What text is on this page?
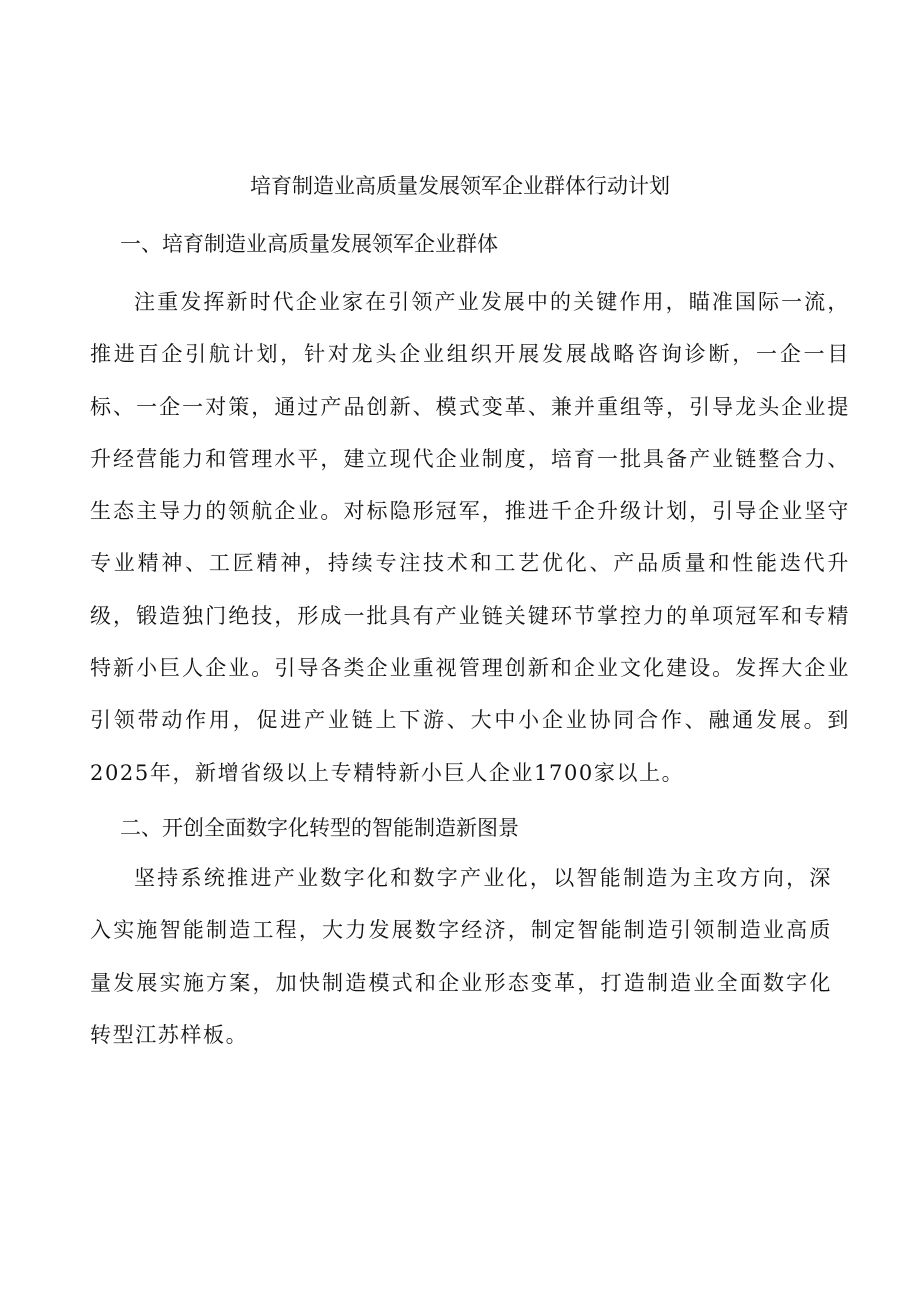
培育制造业高质量发展领军企业群体行动计划
一、培育制造业高质量发展领军企业群体

注重发挥新时代企业家在引领产业发展中的关键作用，瞄准国际一流，推进百企引航计划，针对龙头企业组织开展发展战略咨询诊断，一企一目标、一企一对策，通过产品创新、模式变革、兼并重组等，引导龙头企业提升经营能力和管理水平，建立现代企业制度，培育一批具备产业链整合力、生态主导力的领航企业。对标隐形冠军，推进千企升级计划，引导企业坚守专业精神、工匠精神，持续专注技术和工艺优化、产品质量和性能迭代升级，锻造独门绝技，形成一批具有产业链关键环节掌控力的单项冠军和专精特新小巨人企业。引导各类企业重视管理创新和企业文化建设。发挥大企业引领带动作用，促进产业链上下游、大中小企业协同合作、融通发展。到2025年，新增省级以上专精特新小巨人企业1700家以上。

二、开创全面数字化转型的智能制造新图景

坚持系统推进产业数字化和数字产业化，以智能制造为主攻方向，深入实施智能制造工程，大力发展数字经济，制定智能制造引领制造业高质量发展实施方案，加快制造模式和企业形态变革，打造制造业全面数字化转型江苏样板。
